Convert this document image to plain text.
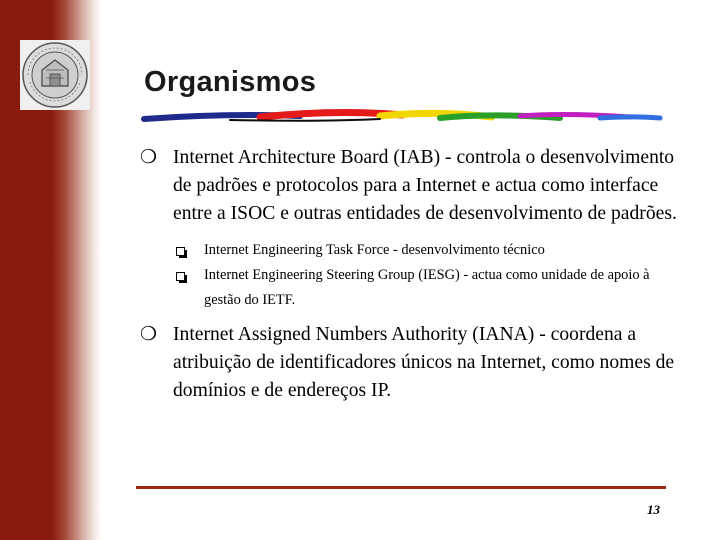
Organismos
❍ Internet Architecture Board (IAB) - controla o desenvolvimento de padrões e protocolos para a Internet e actua como interface entre a ISOC e outras entidades de desenvolvimento de padrões.
Internet Engineering Task Force - desenvolvimento técnico
Internet Engineering Steering Group (IESG) - actua como unidade de apoio à gestão do IETF.
❍ Internet Assigned Numbers Authority (IANA) - coordena a atribuição de identificadores únicos na Internet, como nomes de domínios e de endereços IP.
13
